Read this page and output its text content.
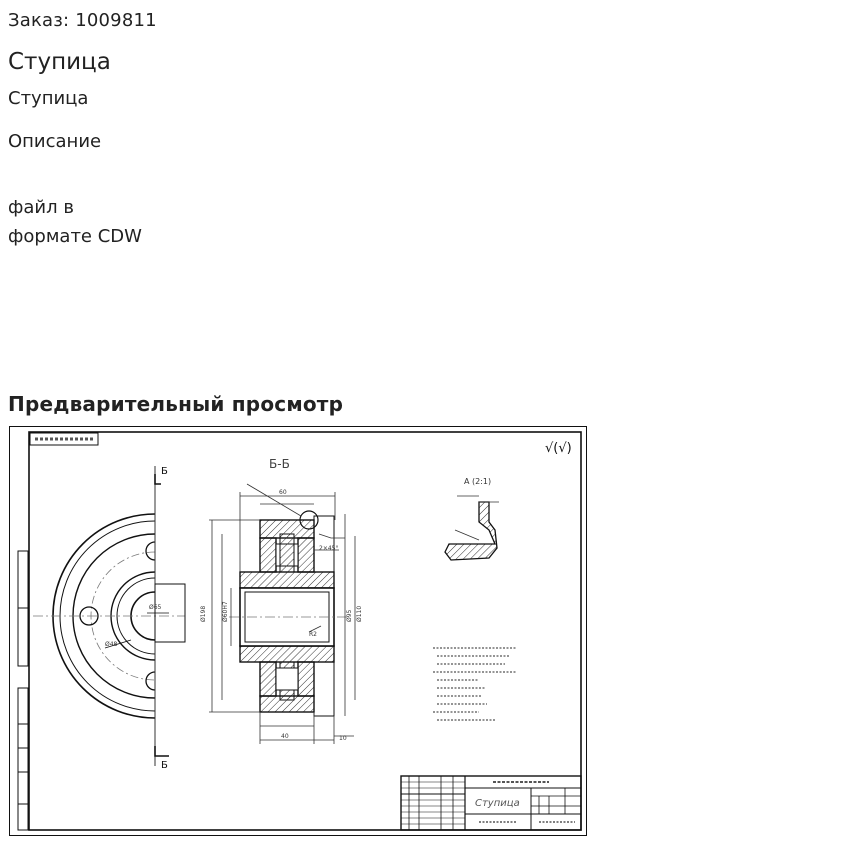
Заказ: 1009811
Ступица
Ступица
Описание
файл в
формате CDW
Предварительный просмотр
√(√)
Ø65
Ø48
Б
Б
Б-Б
Ø198	Ø60H7	Ø95 Ø110
60
40	10
2×45°
R2
А (2:1)
Ступица
